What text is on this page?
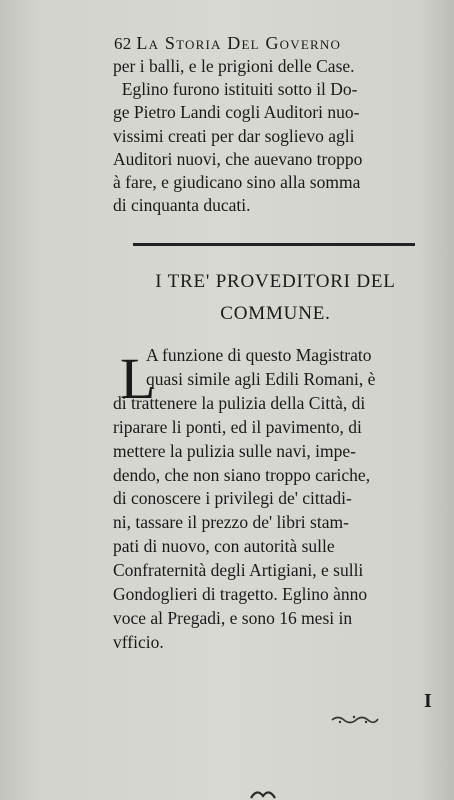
62 La Storia Del Governo
per i balli, e le prigioni delle Case.
Eglino furono istituiti sotto il Do-
ge Pietro Landi cogli Auditori nuo-
vissimi creati per dar soglievo agli
Auditori nuovi, che auevano troppo
à fare, e giudicano sino alla somma
di cinquanta ducati.
I TRE' PROVEDITORI DEL
COMMUNE.
L
A funzione di questo Magistrato
quasi simile agli Edili Romani, è
di trattenere la pulizia della Città, di
riparare li ponti, ed il pavimento, di
mettere la pulizia sulle navi, impe-
dendo, che non siano troppo cariche,
di conoscere i privilegi de' cittadi-
ni, tassare il prezzo de' libri stam-
pati di nuovo, con autorità sulle
Confraternità degli Artigiani, e sulli
Gondoglieri di tragetto. Eglino ànno
voce al Pregadi, e sono 16 mesi in
vfficio.
I
